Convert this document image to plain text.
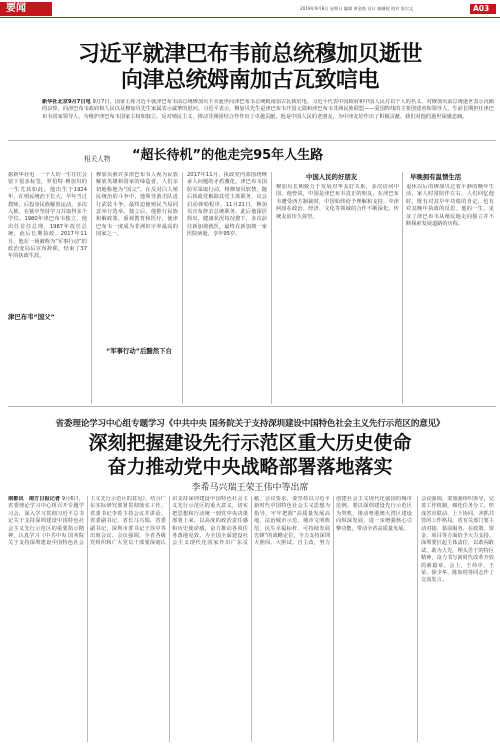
要闻	2019年9月8日 星期日 编辑 黄金焕 设计 谢珊妮 校对 詹尔文	A03
习近平就津巴布韦前总统穆加贝逝世
向津总统姆南加古瓦致唁电
新华社北京9月7日电 9月7日，国家主席习近平就津巴布韦前总统穆加贝不幸逝世向津巴布韦总统姆南加古瓦致唁电。习近平代表中国政府和中国人民并以个人的名义，对穆加贝前总统逝世表示沉痛的哀悼，向津巴布韦政府和人民以及穆加贝先生家属表示诚挚的慰问。习近平表示，穆加贝先生是津巴布韦开国元勋和津巴布韦非洲民族联盟——爱国阵线的主要创建者和领导人，生前长期担任津巴布韦国家领导人，为维护津巴布韦国家主权和独立、反对殖民主义、推动非洲团结合作作出了卓越贡献。他是中国人民的老朋友，为中津友好作出了积极贡献。我们对他的逝世深感悲痛。
相关人物 “超长待机”的他走完95年人生路
据新华社电　一个人的一生往往会留下很多标签，罗伯特·穆加贝的一生尤其如此。他出生于1924年，在殖民统治下长大，早年当过教师，后投身民族解放运动，多次入狱，在狱中坚持学习并取得多个学位。1980年津巴布韦独立，他出任首任总理，1987年改任总统，此后长期执政。2017年11月，他在一场被称为“军事行动”的政治变局后宣布辞职，结束了37年的执政生涯。
津巴布韦“国父”
穆加贝被许多津巴布韦人视为民族解放英雄和国家的缔造者，人们亲切地称他为“国父”。在反对白人殖民统治的斗争中，他领导游击队进行武装斗争，最终迫使殖民当局同意举行选举。独立后，他推行民族和解政策，重视教育和医疗，使津巴布韦一度成为非洲识字率最高的国家之一。
“军事行动”后黯然下台
2017年11月，执政党内部围绕继承人问题的矛盾激化，津巴布韦国防军采取行动，将穆加贝软禁。随后执政党解除其党主席职务，议会启动弹劾程序。11月21日，穆加贝宣布辞去总统职务。此后他深居简出，健康状况每况愈下，多次前往新加坡就医，最终在新加坡一家医院病逝，享年95岁。
中国人民的好朋友
穆加贝长期致力于发展对华友好关系，多次访问中国。他曾说，中国是津巴布韦真正的朋友，在津巴布韦遭受西方制裁时，中国始终给予理解和支持。中津两国在政治、经济、文化等领域的合作不断深化，传统友谊历久弥坚。
早晚拥有温情生活
退休以后的穆加贝过着平静的晚年生活，家人时常陪伴左右。人们回忆他时，既有对其早年功绩的肯定，也有对其晚年执政的反思。他的一生，见证了津巴布韦从殖民地走向独立并不断探索发展道路的历程。
省委理论学习中心组专题学习《中共中央 国务院关于支持深圳建设中国特色社会主义先行示范区的意见》
深刻把握建设先行示范区重大历史使命
奋力推动党中央战略部署落地落实
李希马兴瑞王荣王伟中等出席
南都讯　南方日报记者 9月6日，省委理论学习中心组召开专题学习会，深入学习贯彻习近平总书记关于支持深圳建设中国特色社会主义先行示范区的重要指示精神，认真学习《中共中央 国务院关于支持深圳建设中国特色社会主义先行示范区的意见》，结合广东实际研究部署贯彻落实工作。省委书记李希主持会议并讲话，省委副书记、省长马兴瑞，省委副书记、深圳市委书记王伟中等出席会议。会议强调，全省各级党组织和广大党员干部要深刻认识支持深圳建设中国特色社会主义先行示范区的重大意义，切实把思想和行动统一到党中央决策部署上来，以高度的政治责任感和历史使命感，奋力推动各项任务落地见效，为全国全面建设社会主义现代化国家作出广东贡献。会议要求，要坚持以习近平新时代中国特色社会主义思想为指导，牢牢把握“高质量发展高地、法治城市示范、城市文明典范、民生幸福标杆、可持续发展先锋”的战略定位，全力支持深圳大胆闯、大胆试、自主改，努力创建社会主义现代化强国的城市范例。要以深圳建设先行示范区为契机，推动粤港澳大湾区建设向纵深发展，进一步增强核心引擎功能，带动全省高质量发展。
会议强调，要加强组织领导，完善工作机制，细化任务分工，形成省市联动、上下协同、齐抓共管的工作格局。省有关部门要主动对接、靠前服务，在政策、资金、项目等方面给予大力支持。深圳要扛起主体责任，以敢闯敢试、敢为人先、埋头苦干的特区精神，奋力书写新时代改革开放的新篇章。会上，王伟中、王荣、徐少华、陈如桂等同志作了交流发言。
